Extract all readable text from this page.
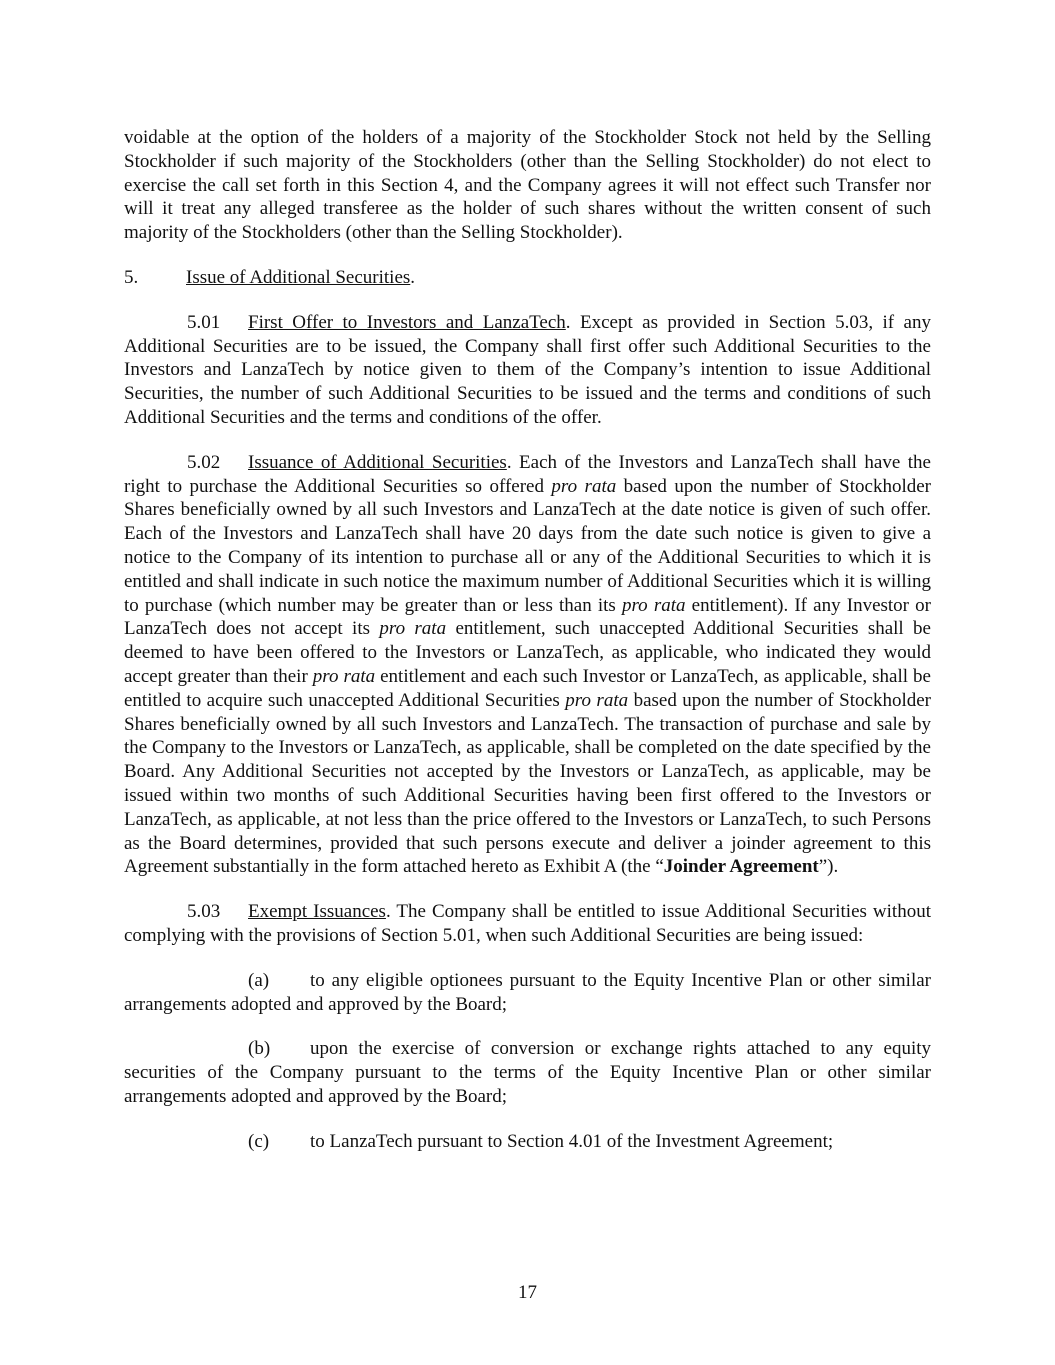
voidable at the option of the holders of a majority of the Stockholder Stock not held by the Selling Stockholder if such majority of the Stockholders (other than the Selling Stockholder) do not elect to exercise the call set forth in this Section 4, and the Company agrees it will not effect such Transfer nor will it treat any alleged transferee as the holder of such shares without the written consent of such majority of the Stockholders (other than the Selling Stockholder).

5.	Issue of Additional Securities.

5.01 First Offer to Investors and LanzaTech. Except as provided in Section 5.03, if any Additional Securities are to be issued, the Company shall first offer such Additional Securities to the Investors and LanzaTech by notice given to them of the Company’s intention to issue Additional Securities, the number of such Additional Securities to be issued and the terms and conditions of such Additional Securities and the terms and conditions of the offer.

5.02 Issuance of Additional Securities. Each of the Investors and LanzaTech shall have the right to purchase the Additional Securities so offered pro rata based upon the number of Stockholder Shares beneficially owned by all such Investors and LanzaTech at the date notice is given of such offer. Each of the Investors and LanzaTech shall have 20 days from the date such notice is given to give a notice to the Company of its intention to purchase all or any of the Additional Securities to which it is entitled and shall indicate in such notice the maximum number of Additional Securities which it is willing to purchase (which number may be greater than or less than its pro rata entitlement). If any Investor or LanzaTech does not accept its pro rata entitlement, such unaccepted Additional Securities shall be deemed to have been offered to the Investors or LanzaTech, as applicable, who indicated they would accept greater than their pro rata entitlement and each such Investor or LanzaTech, as applicable, shall be entitled to acquire such unaccepted Additional Securities pro rata based upon the number of Stockholder Shares beneficially owned by all such Investors and LanzaTech. The transaction of purchase and sale by the Company to the Investors or LanzaTech, as applicable, shall be completed on the date specified by the Board. Any Additional Securities not accepted by the Investors or LanzaTech, as applicable, may be issued within two months of such Additional Securities having been first offered to the Investors or LanzaTech, as applicable, at not less than the price offered to the Investors or LanzaTech, to such Persons as the Board determines, provided that such persons execute and deliver a joinder agreement to this Agreement substantially in the form attached hereto as Exhibit A (the “Joinder Agreement”).

5.03 Exempt Issuances. The Company shall be entitled to issue Additional Securities without complying with the provisions of Section 5.01, when such Additional Securities are being issued:

(a) to any eligible optionees pursuant to the Equity Incentive Plan or other similar arrangements adopted and approved by the Board;

(b) upon the exercise of conversion or exchange rights attached to any equity securities of the Company pursuant to the terms of the Equity Incentive Plan or other similar arrangements adopted and approved by the Board;

(c) to LanzaTech pursuant to Section 4.01 of the Investment Agreement;

17
